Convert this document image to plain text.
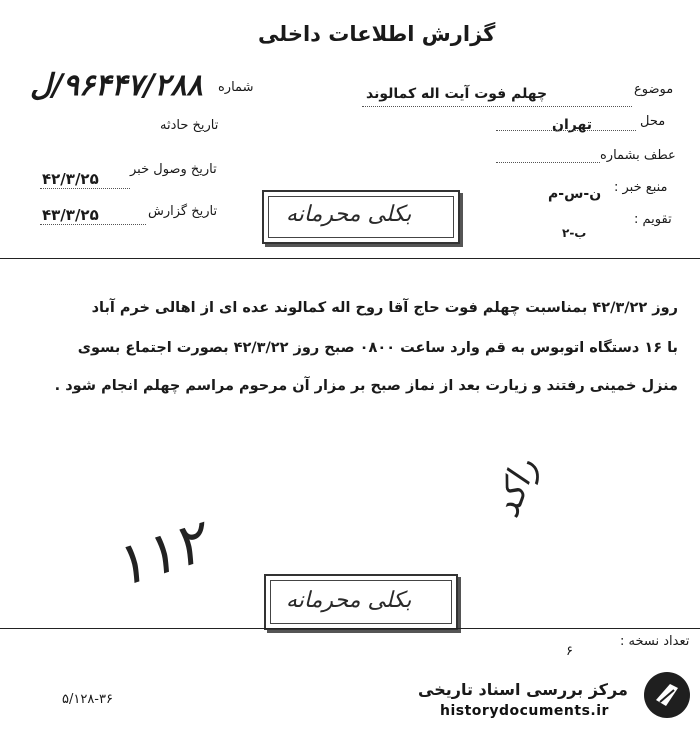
گزارش اطلاعات داخلی
شماره
۹۶۴۴۷/۲۸۸/ل
تاریخ حادثه
تاریخ وصول خبر
۴۲/۳/۲۵
تاریخ گزارش
۴۳/۳/۲۵
موضوع
چهلم فوت آیت اله کمالوند
محل
تهران
عطف بشماره
منبع خبر :
ن-س-م
تقویم :
ب-۲
بکلی محرمانه
روز ۴۲/۳/۲۲ بمناسبت چهلم فوت حاج آقا روح اله کمالوند عده ای از اهالی خرم آباد
با ۱۶ دستگاه اتوبوس به قم وارد ساعت ۰۸۰۰ صبح روز ۴۲/۳/۲۲ بصورت اجتماع بسوی
منزل خمینی رفتند و زیارت بعد از نماز صبح بر مزار آن مرحوم مراسم چهلم انجام شود .
۱۱۲
راکد
بکلی محرمانه
تعداد نسخه :
۶
۵/۱۲۸-۳۶
مرکز بررسی اسناد تاریخی
historydocuments.ir
